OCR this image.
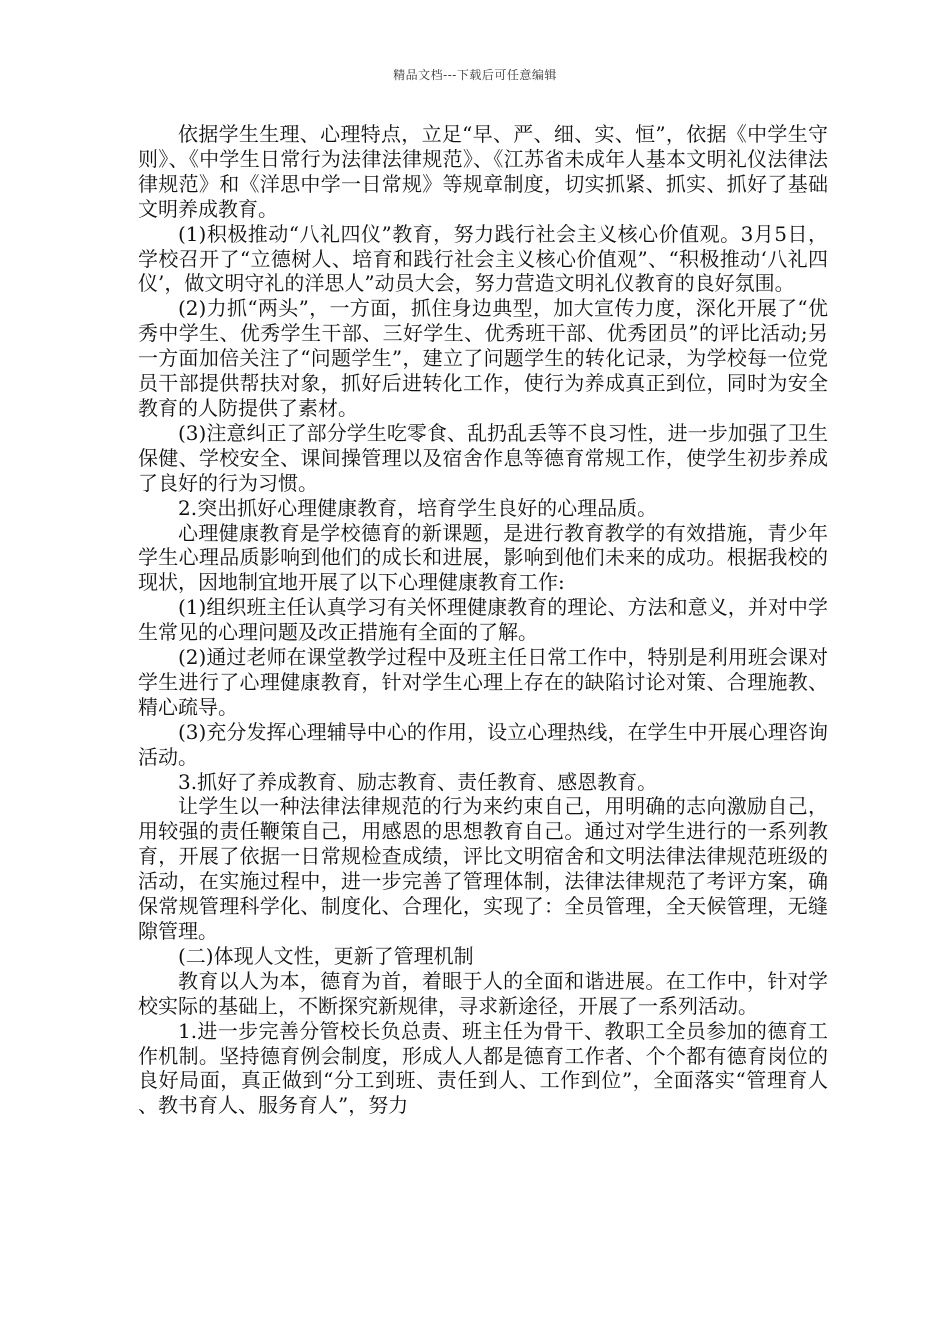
精品文档---下载后可任意编辑

依据学生生理、心理特点，立足“早、严、细、实、恒”，依据《中学生守则》、《中学生日常行为法律法律规范》、《江苏省未成年人基本文明礼仪法律法律规范》和《洋思中学一日常规》等规章制度，切实抓紧、抓实、抓好了基础文明养成教育。

(1)积极推动“八礼四仪”教育，努力践行社会主义核心价值观。3月5日，学校召开了“立德树人、培育和践行社会主义核心价值观”、“积极推动‘八礼四仪’，做文明守礼的洋思人”动员大会，努力营造文明礼仪教育的良好氛围。

(2)力抓“两头”，一方面，抓住身边典型，加大宣传力度，深化开展了“优秀中学生、优秀学生干部、三好学生、优秀班干部、优秀团员”的评比活动;另一方面加倍关注了“问题学生”，建立了问题学生的转化记录，为学校每一位党员干部提供帮扶对象，抓好后进转化工作，使行为养成真正到位，同时为安全教育的人防提供了素材。

(3)注意纠正了部分学生吃零食、乱扔乱丢等不良习性，进一步加强了卫生保健、学校安全、课间操管理以及宿舍作息等德育常规工作，使学生初步养成了良好的行为习惯。

2.突出抓好心理健康教育，培育学生良好的心理品质。

心理健康教育是学校德育的新课题，是进行教育教学的有效措施，青少年学生心理品质影响到他们的成长和进展，影响到他们未来的成功。根据我校的现状，因地制宜地开展了以下心理健康教育工作:

(1)组织班主任认真学习有关怀理健康教育的理论、方法和意义，并对中学生常见的心理问题及改正措施有全面的了解。

(2)通过老师在课堂教学过程中及班主任日常工作中，特别是利用班会课对学生进行了心理健康教育，针对学生心理上存在的缺陷讨论对策、合理施教、精心疏导。

(3)充分发挥心理辅导中心的作用，设立心理热线，在学生中开展心理咨询活动。

3.抓好了养成教育、励志教育、责任教育、感恩教育。

让学生以一种法律法律规范的行为来约束自己，用明确的志向激励自己，用较强的责任鞭策自己，用感恩的思想教育自己。通过对学生进行的一系列教育，开展了依据一日常规检查成绩，评比文明宿舍和文明法律法律规范班级的活动，在实施过程中，进一步完善了管理体制，法律法律规范了考评方案，确保常规管理科学化、制度化、合理化，实现了：全员管理，全天候管理，无缝隙管理。

(二)体现人文性，更新了管理机制

教育以人为本，德育为首，着眼于人的全面和谐进展。在工作中，针对学校实际的基础上，不断探究新规律，寻求新途径，开展了一系列活动。

1.进一步完善分管校长负总责、班主任为骨干、教职工全员参加的德育工作机制。坚持德育例会制度，形成人人都是德育工作者、个个都有德育岗位的良好局面，真正做到“分工到班、责任到人、工作到位”，全面落实“管理育人、教书育人、服务育人”，努力
